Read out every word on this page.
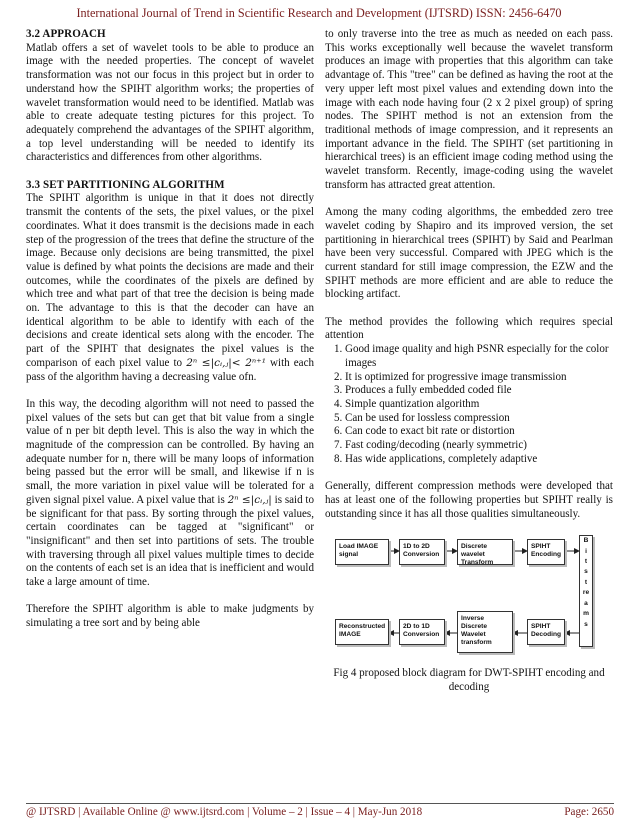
International Journal of Trend in Scientific Research and Development (IJTSRD) ISSN: 2456-6470
3.2 APPROACH

Matlab offers a set of wavelet tools to be able to produce an image with the needed properties. The concept of wavelet transformation was not our focus in this project but in order to understand how the SPIHT algorithm works; the properties of wavelet transformation would need to be identified. Matlab was able to create adequate testing pictures for this project. To adequately comprehend the advantages of the SPIHT algorithm, a top level understanding will be needed to identify its characteristics and differences from other algorithms.

3.3 SET PARTITIONING ALGORITHM

The SPIHT algorithm is unique in that it does not directly transmit the contents of the sets, the pixel values, or the pixel coordinates. What it does transmit is the decisions made in each step of the progression of the trees that define the structure of the image. Because only decisions are being transmitted, the pixel value is defined by what points the decisions are made and their outcomes, while the coordinates of the pixels are defined by which tree and what part of that tree the decision is being made on. The advantage to this is that the decoder can have an identical algorithm to be able to identify with each of the decisions and create identical sets along with the encoder. The part of the SPIHT that designates the pixel values is the comparison of each pixel value to 2ⁿ ≤|cᵢ,ⱼ|< 2ⁿ⁺¹ with each pass of the algorithm having a decreasing value ofn.

In this way, the decoding algorithm will not need to passed the pixel values of the sets but can get that bit value from a single value of n per bit depth level. This is also the way in which the magnitude of the compression can be controlled. By having an adequate number for n, there will be many loops of information being passed but the error will be small, and likewise if n is small, the more variation in pixel value will be tolerated for a given signal pixel value. A pixel value that is 2ⁿ ≤|cᵢ,ⱼ| is said to be significant for that pass. By sorting through the pixel values, certain coordinates can be tagged at "significant" or "insignificant" and then set into partitions of sets. The trouble with traversing through all pixel values multiple times to decide on the contents of each set is an idea that is inefficient and would take a large amount of time.

Therefore the SPIHT algorithm is able to make judgments by simulating a tree sort and by being able

to only traverse into the tree as much as needed on each pass. This works exceptionally well because the wavelet transform produces an image with properties that this algorithm can take advantage of. This "tree" can be defined as having the root at the very upper left most pixel values and extending down into the image with each node having four (2 x 2 pixel group) of spring nodes. The SPIHT method is not an extension from the traditional methods of image compression, and it represents an important advance in the field. The SPIHT (set partitioning in hierarchical trees) is an efficient image coding method using the wavelet transform. Recently, image-coding using the wavelet transform has attracted great attention.

Among the many coding algorithms, the embedded zero tree wavelet coding by Shapiro and its improved version, the set partitioning in hierarchical trees (SPIHT) by Said and Pearlman have been very successful. Compared with JPEG which is the current standard for still image compression, the EZW and the SPIHT methods are more efficient and are able to reduce the blocking artifact.

The method provides the following which requires special attention

1. Good image quality and high PSNR especially for the color images
2. It is optimized for progressive image transmission
3. Produces a fully embedded coded file
4. Simple quantization algorithm
5. Can be used for lossless compression
6. Can code to exact bit rate or distortion
7. Fast coding/decoding (nearly symmetric)
8. Has wide applications, completely adaptive

Generally, different compression methods were developed that has at least one of the following properties but SPIHT really is outstanding since it has all those qualities simultaneously.

Load IMAGE signal
1D to 2D Conversion
Discrete wavelet Transform
SPIHT Encoding
B
i
t
s
t
re
a
m
s
Reconstructed IMAGE
2D to 1D Conversion
Inverse Discrete Wavelet transform
SPIHT Decoding
Fig 4 proposed block diagram for DWT-SPIHT encoding and decoding
@ IJTSRD | Available Online @ www.ijtsrd.com | Volume – 2 | Issue – 4 | May-Jun 2018	Page: 2650
